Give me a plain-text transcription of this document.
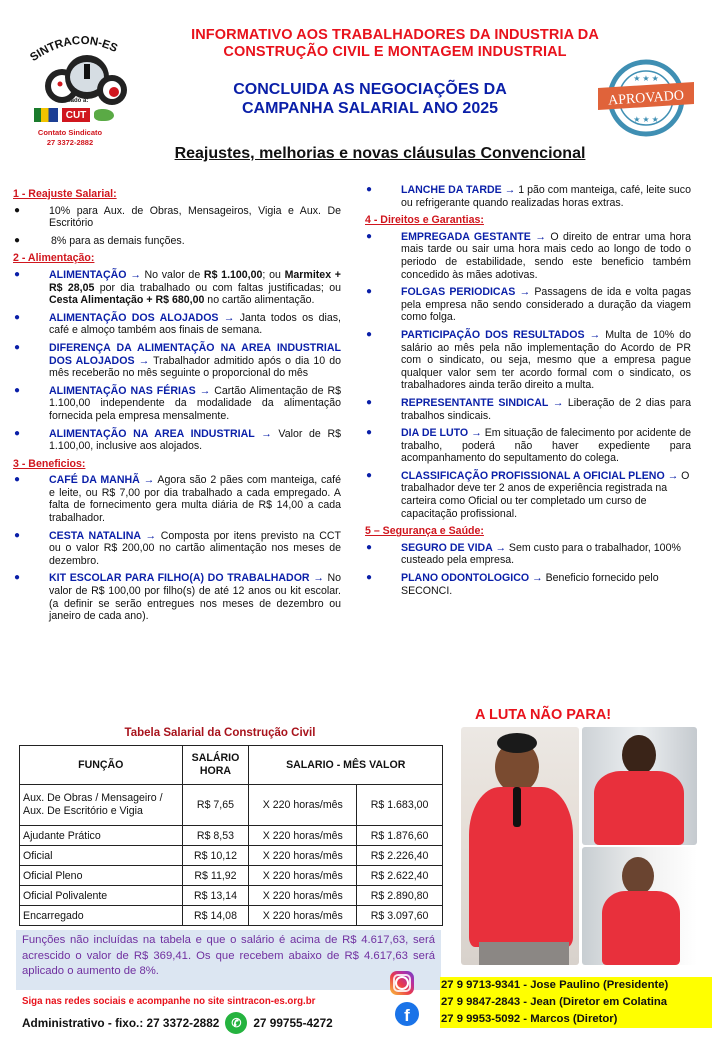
SINTRACON-ES
Filiado à:
CUT
Contato Sindicato
27 3372-2882
INFORMATIVO AOS TRABALHADORES DA INDUSTRIA DA
CONSTRUÇÃO CIVIL E MONTAGEM INDUSTRIAL
CONCLUIDA AS NEGOCIAÇÕES DA
CAMPANHA SALARIAL ANO 2025
★ ★ ★
★ ★ ★
APROVADO
Reajustes, melhorias e novas cláusulas Convencional
1 - Reajuste Salarial:
●	10% para Aux. de Obras, Mensageiros, Vigia e Aux. De Escritório
●	8% para as demais funções.
2 - Alimentação:
●	ALIMENTAÇÃO → No valor de R$ 1.100,00; ou Marmitex + R$ 28,05 por dia trabalhado ou com faltas justificadas; ou Cesta Alimentação + R$ 680,00 no cartão alimentação.
●	ALIMENTAÇÃO DOS ALOJADOS → Janta todos os dias, café e almoço também aos finais de semana.
●	DIFERENÇA DA ALIMENTAÇÃO NA AREA INDUSTRIAL DOS ALOJADOS → Trabalhador admitido após o dia 10 do mês receberão no mês seguinte o proporcional do mês
●	ALIMENTAÇÃO NAS FÉRIAS → Cartão Alimentação de R$ 1.100,00 independente da modalidade da alimentação fornecida pela empresa mensalmente.
●	ALIMENTAÇÃO NA AREA INDUSTRIAL → Valor de R$ 1.100,00, inclusive aos alojados.
3 - Beneficios:
●	CAFÉ DA MANHÃ → Agora são 2 pães com manteiga, café e leite, ou R$ 7,00 por dia trabalhado a cada empregado. A falta de fornecimento gera multa diária de R$ 14,00 a cada trabalhador.
●	CESTA NATALINA → Composta por itens previsto na CCT ou o valor R$ 200,00 no cartão alimentação nos meses de dezembro.
●	KIT ESCOLAR PARA FILHO(A) DO TRABALHADOR → No valor de R$ 100,00 por filho(s) de até 12 anos ou kit escolar. (a definir se serão entregues nos meses de dezembro ou janeiro de cada ano).
●	LANCHE DA TARDE → 1 pão com manteiga, café, leite suco ou refrigerante quando realizadas horas extras.
4 - Direitos e Garantias:
●	EMPREGADA GESTANTE → O direito de entrar uma hora mais tarde ou sair uma hora mais cedo ao longo de todo o periodo de estabilidade, sendo este beneficio também concedido às mães adotivas.
●	FOLGAS PERIODICAS → Passagens de ida e volta pagas pela empresa não sendo considerado a duração da viagem como folga.
●	PARTICIPAÇÃO DOS RESULTADOS → Multa de 10% do salário ao mês pela não implementação do Acordo de PR com o sindicato, ou seja, mesmo que a empresa pague qualquer valor sem ter acordo formal com o sindicato, os trabalhadores ainda terão direito a multa.
●	REPRESENTANTE SINDICAL → Liberação de 2 dias para trabalhos sindicais.
●	DIA DE LUTO → Em situação de falecimento por acidente de trabalho, poderá não haver expediente para acompanhamento do sepultamento do colega.
●	CLASSIFICAÇÃO PROFISSIONAL A OFICIAL PLENO → O trabalhador deve ter 2 anos de experiência registrada na carteira como Oficial ou ter completado um curso de capacitação profissional.
5 – Segurança e Saúde:
●	SEGURO DE VIDA → Sem custo para o trabalhador, 100% custeado pela empresa.
●	PLANO ODONTOLOGICO → Beneficio fornecido pelo SECONCI.
Tabela Salarial da Construção Civil
FUNÇÃO	SALÁRIO HORA	SALARIO - MÊS VALOR	
Aux. De Obras / Mensageiro / Aux. De Escritório e Vigia	R$ 7,65	X 220 horas/mês	R$ 1.683,00
Ajudante Prático	R$ 8,53	X 220 horas/mês	R$ 1.876,60
Oficial	R$ 10,12	X 220 horas/mês	R$ 2.226,40
Oficial Pleno	R$ 11,92	X 220 horas/mês	R$ 2.622,40
Oficial Polivalente	R$ 13,14	X 220 horas/mês	R$ 2.890,80
Encarregado	R$ 14,08	X 220 horas/mês	R$ 3.097,60
Funções não incluídas na tabela e que o salário é acima de R$ 4.617,63, será acrescido o valor de R$ 369,41. Os que recebem abaixo de R$ 4.617,63 será aplicado o aumento de 8%.
Siga nas redes sociais e acompanhe no site sintracon-es.org.br
Administrativo - fixo.: 27 3372-2882 ✆	27 99755-4272	f
A LUTA NÃO PARA!
27 9 9713-9341 - Jose Paulino (Presidente)
27 9 9847-2843 - Jean (Diretor em Colatina
27 9 9953-5092 - Marcos (Diretor)
